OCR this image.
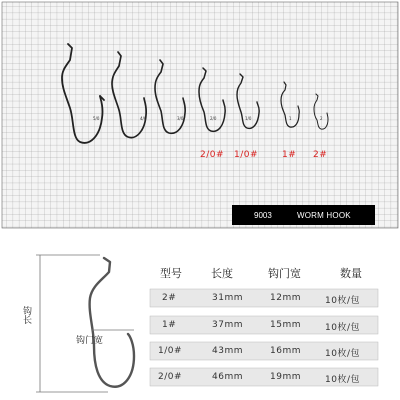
5/0	4/0	3/0	2/0	1/0	1	2
2/0# 1/0#	1# 2#
9003	WORM HOOK
钩长
钩门宽
型号	长度	钩门宽	数量
2#	31mm	12mm	10枚/包
1#	37mm	15mm	10枚/包
1/0#	43mm	16mm	10枚/包
2/0#	46mm	19mm	10枚/包
